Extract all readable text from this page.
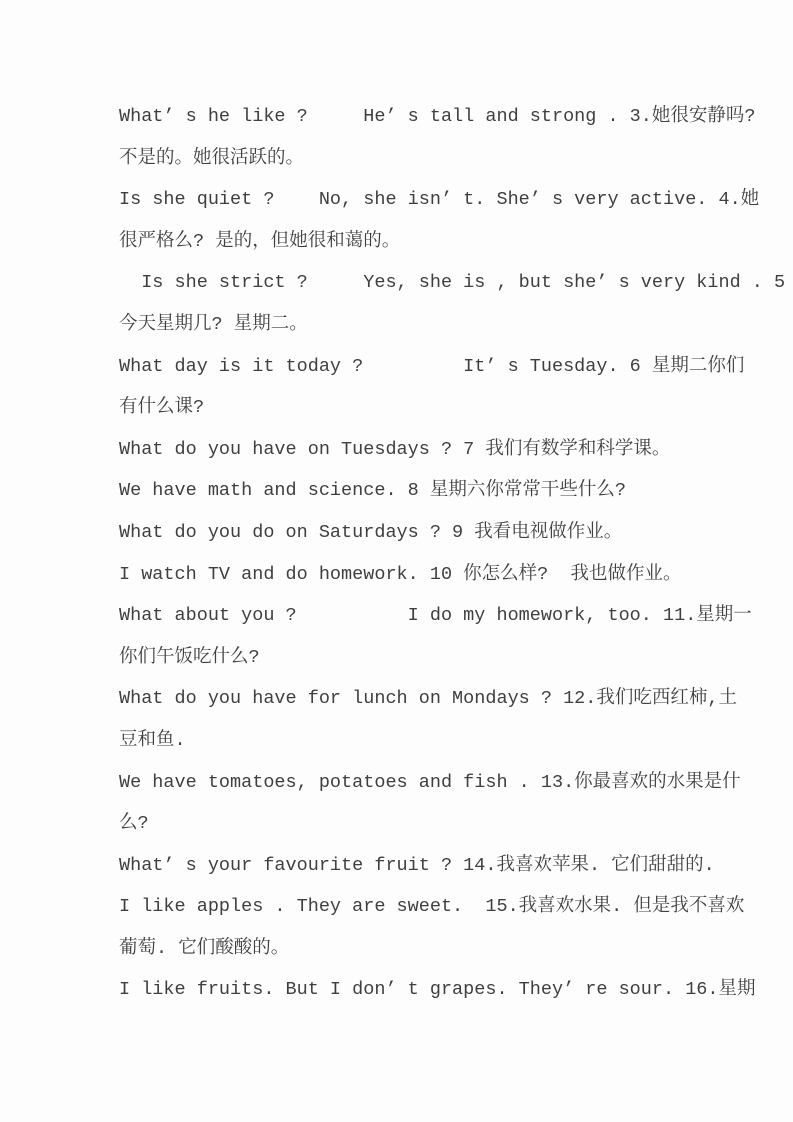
What’ s he like ?     He’ s tall and strong . 3.她很安静吗?
不是的。她很活跃的。
Is she quiet ?    No, she isn’ t. She’ s very active. 4.她
很严格么? 是的，但她很和蔼的。
Is she strict ?     Yes, she is , but she’ s very kind . 5
今天星期几? 星期二。
What day is it today ?         It’ s Tuesday. 6 星期二你们
有什么课?
What do you have on Tuesdays ? 7 我们有数学和科学课。
We have math and science. 8 星期六你常常干些什么?
What do you do on Saturdays ? 9 我看电视做作业。
I watch TV and do homework. 10 你怎么样?  我也做作业。
What about you ?          I do my homework, too. 11.星期一
你们午饭吃什么?
What do you have for lunch on Mondays ? 12.我们吃西红柿,土
豆和鱼.
We have tomatoes, potatoes and fish . 13.你最喜欢的水果是什
么?
What’ s your favourite fruit ? 14.我喜欢苹果. 它们甜甜的.
I like apples . They are sweet.  15.我喜欢水果. 但是我不喜欢
葡萄. 它们酸酸的。
I like fruits. But I don’ t grapes. They’ re sour. 16.星期
